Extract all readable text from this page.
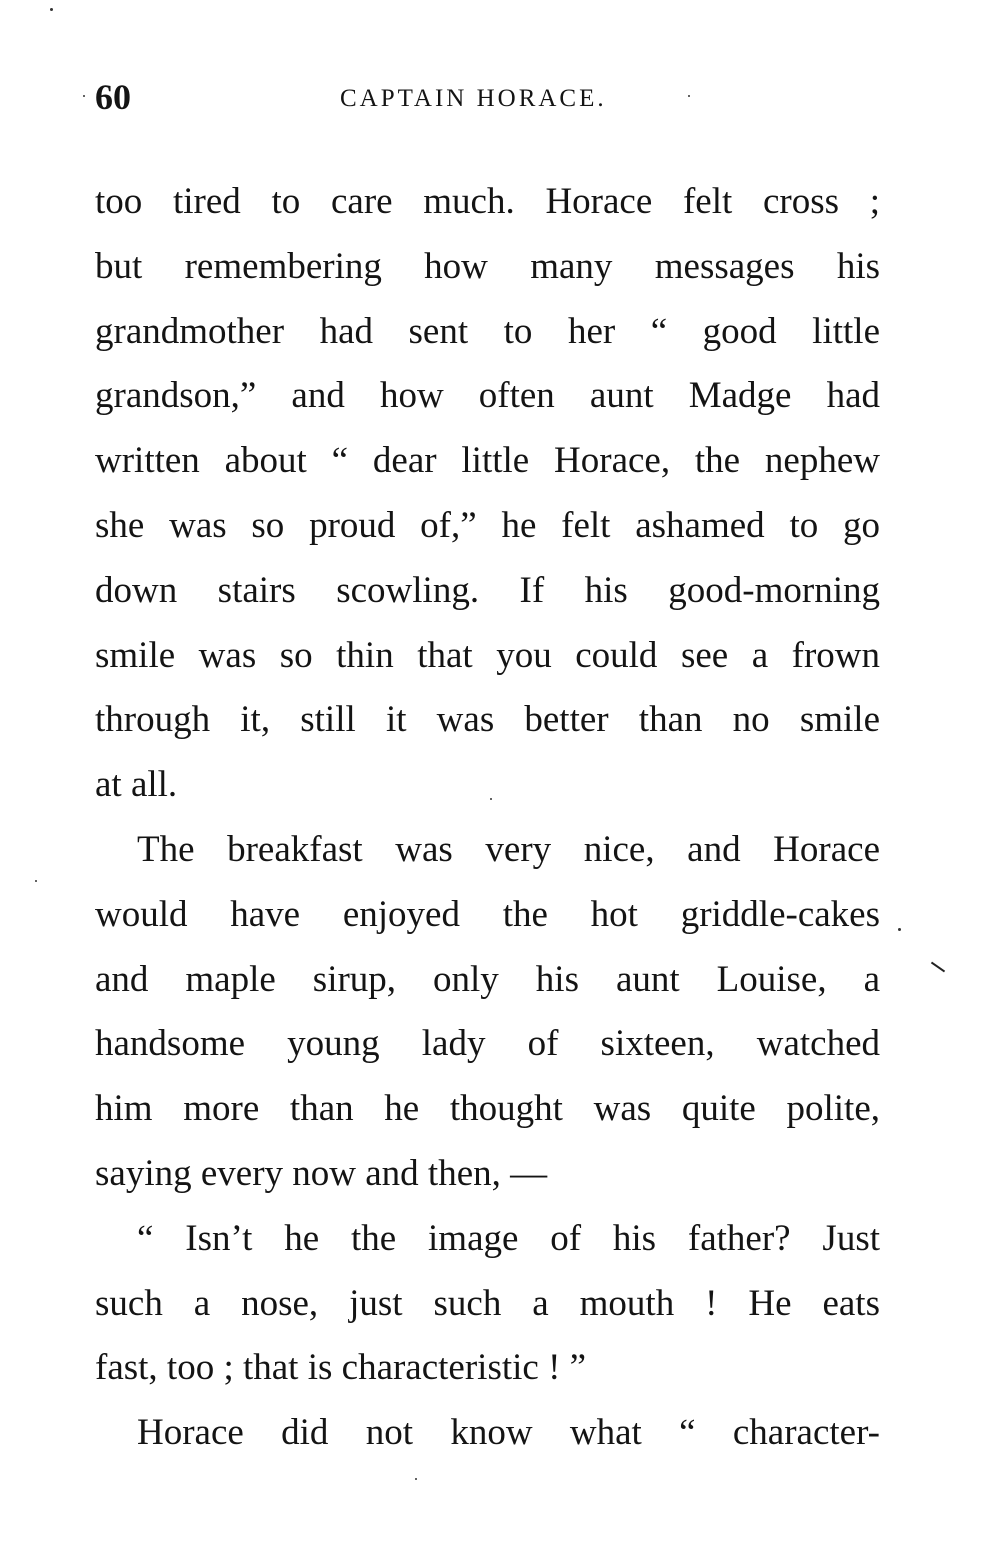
60	CAPTAIN HORACE.
too tired to care much. Horace felt cross ;
but remembering how many messages his
grandmother had sent to her “ good little
grandson,” and how often aunt Madge had
written about “ dear little Horace, the nephew
she was so proud of,” he felt ashamed to go
down stairs scowling. If his good-morning
smile was so thin that you could see a frown
through it, still it was better than no smile
at all.
The breakfast was very nice, and Horace
would have enjoyed the hot griddle-cakes
and maple sirup, only his aunt Louise, a
handsome young lady of sixteen, watched
him more than he thought was quite polite,
saying every now and then, —
“ Isn’t he the image of his father? Just
such a nose, just such a mouth ! He eats
fast, too ; that is characteristic ! ”
Horace did not know what “ character-
